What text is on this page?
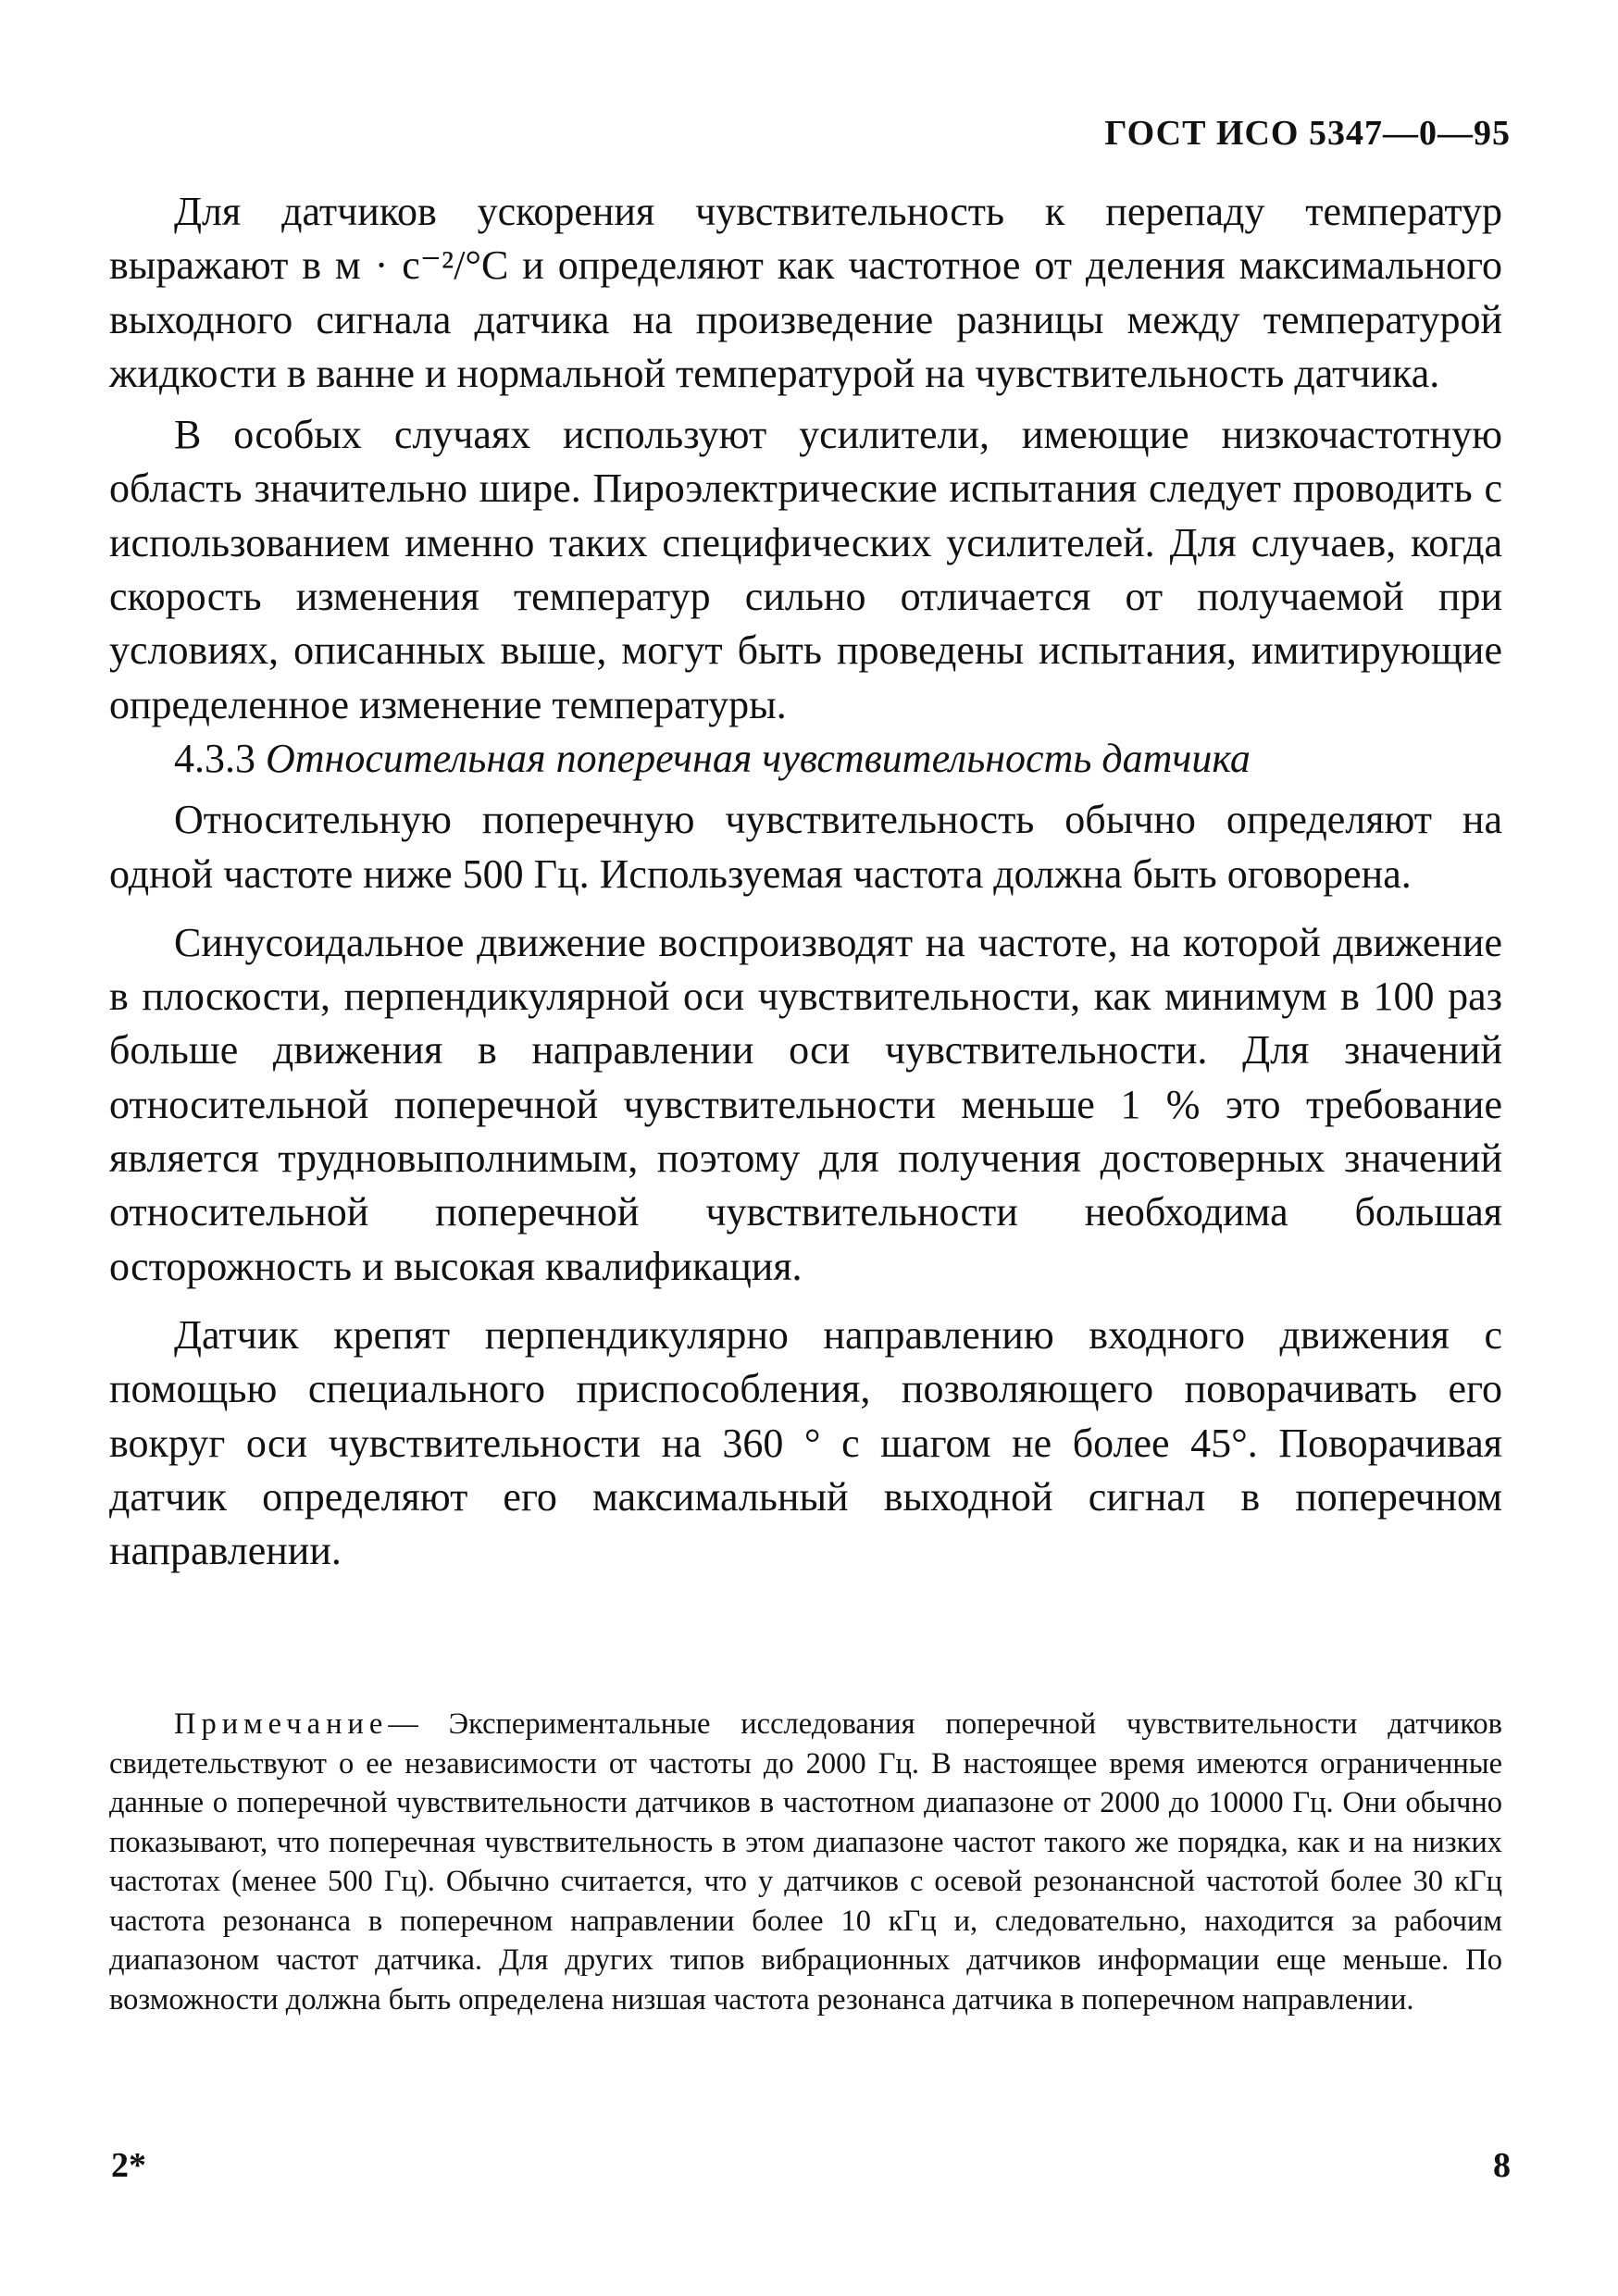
ГОСТ ИСО 5347—0—95

Для датчиков ускорения чувствительность к перепаду температур выражают в м · с⁻²/°С и определяют как частотное от деления максимального выходного сигнала датчика на произведение разницы между температурой жидкости в ванне и нормальной температурой на чувствительность датчика.

В особых случаях используют усилители, имеющие низкочастотную область значительно шире. Пироэлектрические испытания следует проводить с использованием именно таких специфических усилителей. Для случаев, когда скорость изменения температур сильно отличается от получаемой при условиях, описанных выше, могут быть проведены испытания, имитирующие определенное изменение температуры.

4.3.3 Относительная поперечная чувствительность датчика

Относительную поперечную чувствительность обычно определяют на одной частоте ниже 500 Гц. Используемая частота должна быть оговорена.

Синусоидальное движение воспроизводят на частоте, на которой движение в плоскости, перпендикулярной оси чувствительности, как минимум в 100 раз больше движения в направлении оси чувствительности. Для значений относительной поперечной чувствительности меньше 1 % это требование является трудновыполнимым, поэтому для получения достоверных значений относительной поперечной чувствительности необходима большая осторожность и высокая квалификация.

Датчик крепят перпендикулярно направлению входного движения с помощью специального приспособления, позволяющего поворачивать его вокруг оси чувствительности на 360 ° с шагом не более 45°. Поворачивая датчик определяют его максимальный выходной сигнал в поперечном направлении.

Примечание— Экспериментальные исследования поперечной чувствительности датчиков свидетельствуют о ее независимости от частоты до 2000 Гц. В настоящее время имеются ограниченные данные о поперечной чувствительности датчиков в частотном диапазоне от 2000 до 10000 Гц. Они обычно показывают, что поперечная чувствительность в этом диапазоне частот такого же порядка, как и на низких частотах (менее 500 Гц). Обычно считается, что у датчиков с осевой резонансной частотой более 30 кГц частота резонанса в поперечном направлении более 10 кГц и, следовательно, находится за рабочим диапазоном частот датчика. Для других типов вибрационных датчиков информации еще меньше. По возможности должна быть определена низшая частота резонанса датчика в поперечном направлении.

2*	8
